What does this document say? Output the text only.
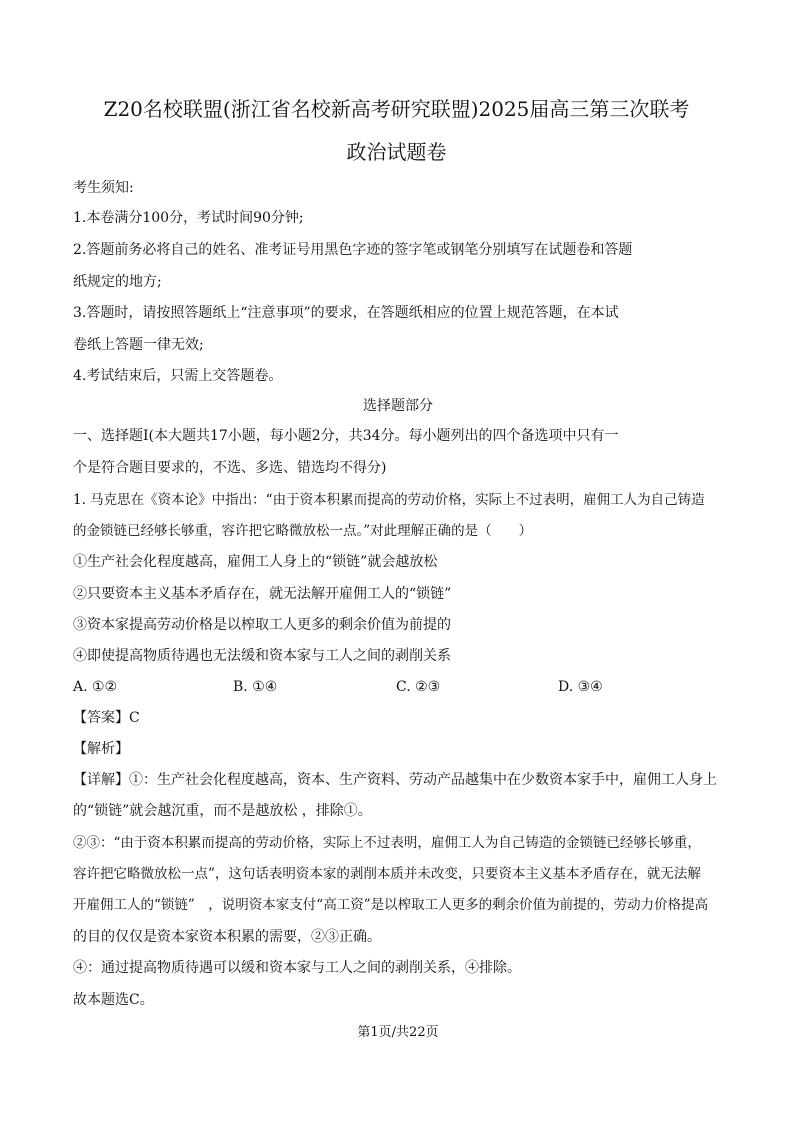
Z20名校联盟(浙江省名校新高考研究联盟)2025届高三第三次联考
政治试题卷
考生须知:
1.本卷满分100分，考试时间90分钟;
2.答题前务必将自己的姓名、准考证号用黑色字迹的签字笔或钢笔分别填写在试题卷和答题
纸规定的地方;
3.答题时，请按照答题纸上“注意事项”的要求，在答题纸相应的位置上规范答题，在本试
卷纸上答题一律无效;
4.考试结束后，只需上交答题卷。
选择题部分
一、选择题Ⅰ(本大题共17小题，每小题2分，共34分。每小题列出的四个备选项中只有一
个是符合题目要求的，不选、多选、错选均不得分)
1. 马克思在《资本论》中指出：“由于资本积累而提高的劳动价格，实际上不过表明，雇佣工人为自己铸造
的金锁链已经够长够重，容许把它略微放松一点。”对此理解正确的是（　　）
①生产社会化程度越高，雇佣工人身上的“锁链”就会越放松
②只要资本主义基本矛盾存在，就无法解开雇佣工人的“锁链”
③资本家提高劳动价格是以榨取工人更多的剩余价值为前提的
④即使提高物质待遇也无法缓和资本家与工人之间的剥削关系
A. ①②	B. ①④	C. ②③	D. ③④
【答案】C
【解析】
【详解】①：生产社会化程度越高，资本、生产资料、劳动产品越集中在少数资本家手中，雇佣工人身上
的“锁链”就会越沉重，而不是越放松 ，排除①。
②③：“由于资本积累而提高的劳动价格，实际上不过表明，雇佣工人为自己铸造的金锁链已经够长够重，
容许把它略微放松一点”，这句话表明资本家的剥削本质并未改变，只要资本主义基本矛盾存在，就无法解
开雇佣工人的“锁链”　，说明资本家支付“高工资”是以榨取工人更多的剩余价值为前提的，劳动力价格提高
的目的仅仅是资本家资本积累的需要，②③正确。
④：通过提高物质待遇可以缓和资本家与工人之间的剥削关系，④排除。
故本题选C。
第1页/共22页
